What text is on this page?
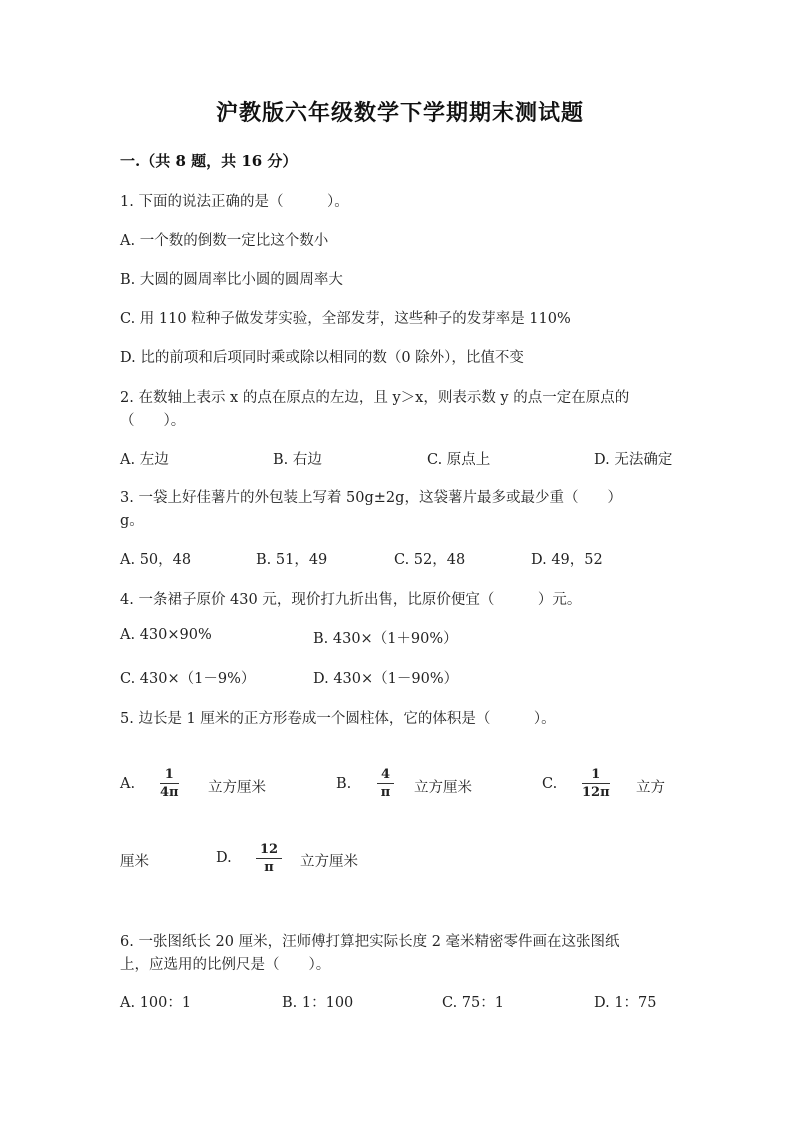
沪教版六年级数学下学期期末测试题
一.（共 8 题，共 16 分）
1. 下面的说法正确的是（　　　）。
A. 一个数的倒数一定比这个数小
B. 大圆的圆周率比小圆的圆周率大
C. 用 110 粒种子做发芽实验，全部发芽，这些种子的发芽率是 110%
D. 比的前项和后项同时乘或除以相同的数（0 除外），比值不变
2. 在数轴上表示 x 的点在原点的左边，且 y＞x，则表示数 y 的点一定在原点的
（　　）。
A. 左边	B. 右边	C. 原点上	D. 无法确定
3. 一袋上好佳薯片的外包装上写着 50g±2g，这袋薯片最多或最少重（　　）
g。
A. 50，48	B. 51，49	C. 52，48	D. 49，52
4. 一条裙子原价 430 元，现价打九折出售，比原价便宜（　　　）元。
A. 430×90%	B. 430×（1＋90%）
C. 430×（1－9%）	D. 430×（1－90%）
5. 边长是 1 厘米的正方形卷成一个圆柱体，它的体积是（　　　）。
A.
1
4π 立方厘米	B.
4
π 立方厘米	C.
1
12π 立方
厘米	D.
12
π 立方厘米
6. 一张图纸长 20 厘米，汪师傅打算把实际长度 2 毫米精密零件画在这张图纸
上，应选用的比例尺是（　　）。
A. 100：1	B. 1：100	C. 75：1	D. 1：75
